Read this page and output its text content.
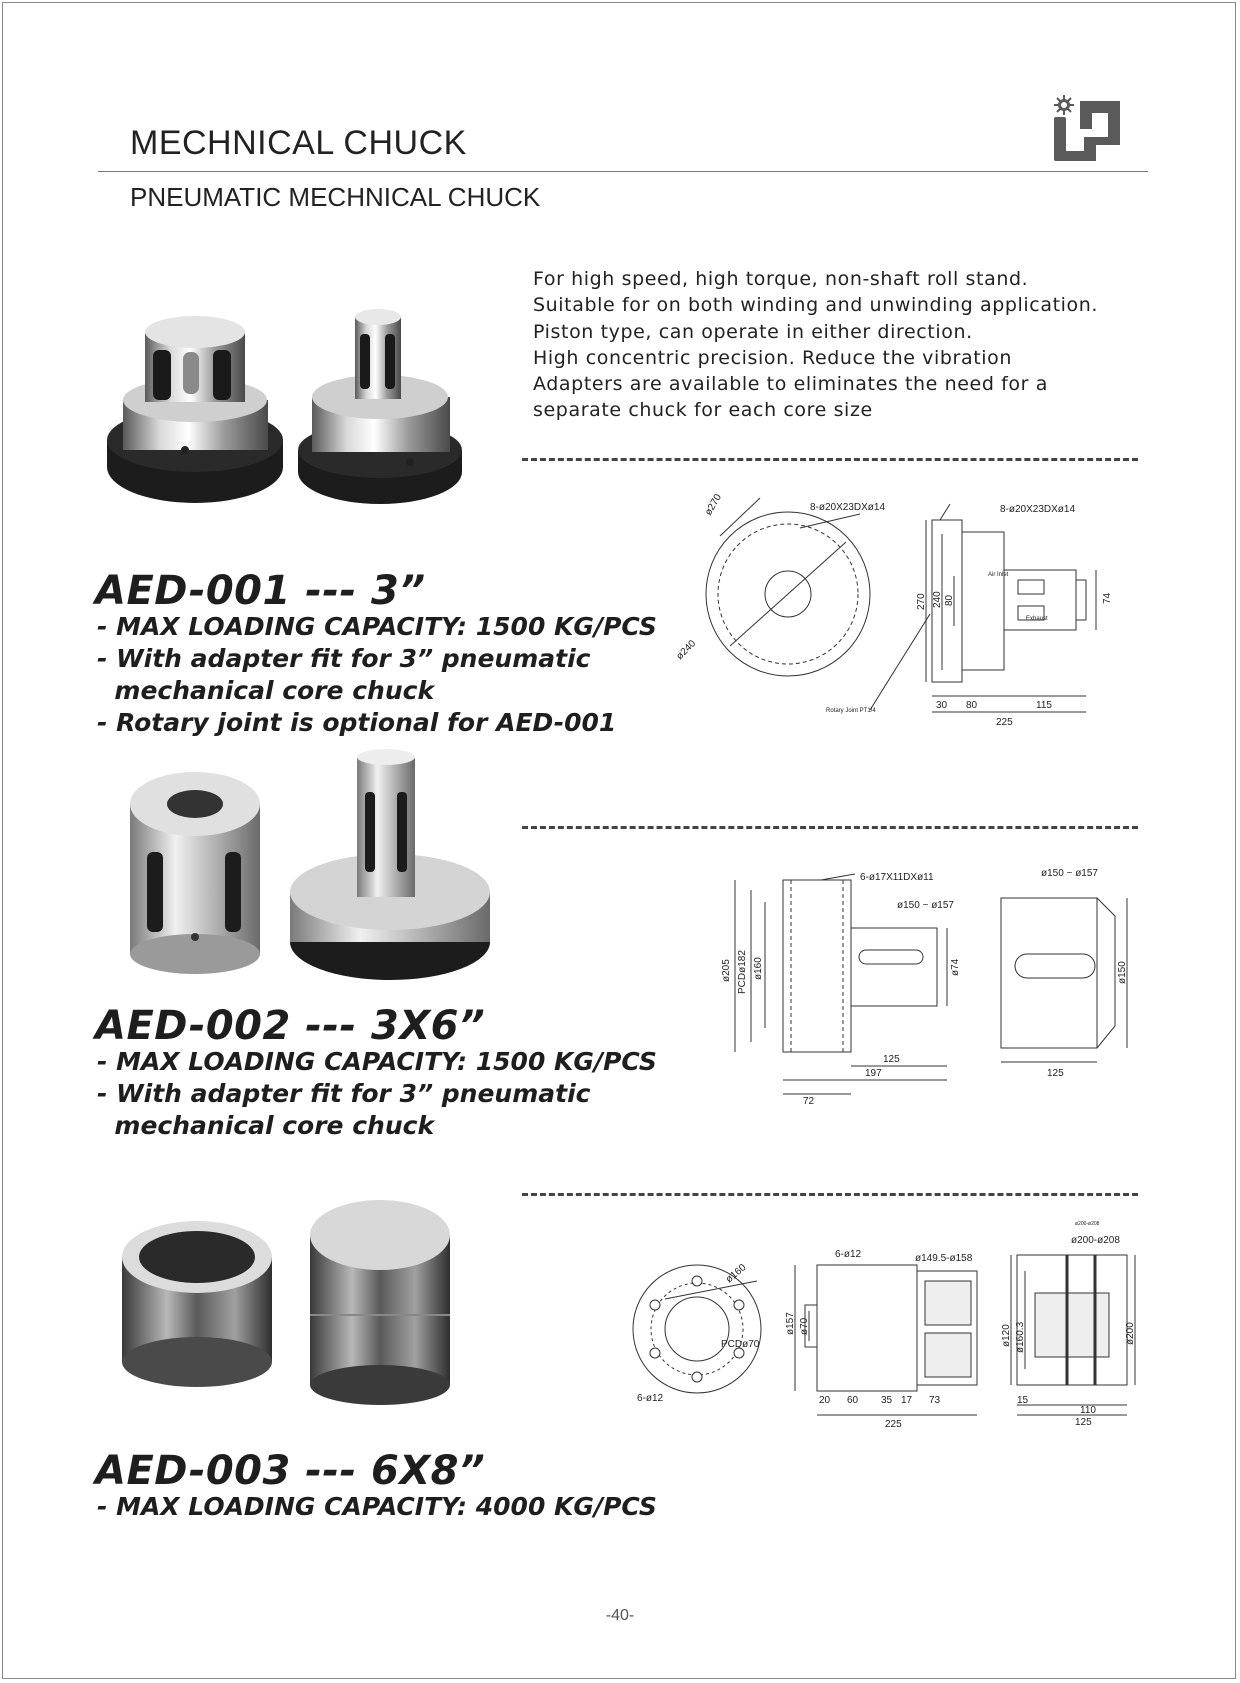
MECHNICAL CHUCK
PNEUMATIC MECHNICAL CHUCK
For high speed, high torque, non-shaft roll stand.
Suitable for on both winding and unwinding application.
Piston type, can operate in either direction.
High concentric precision. Reduce the vibration
Adapters are available to eliminates the need for a
separate chuck for each core size
8-ø20X23DXø14	8-ø20X23DXø14
ø270
ø240
270 240 80	74
Air Inlet
Exhaust
Rotary Joint PT1/4	30 80	115
225
AED-001 --- 3”
- MAX LOADING CAPACITY: 1500 KG/PCS
- With adapter fit for 3” pneumatic
mechanical core chuck
- Rotary joint is optional for AED-001
6-ø17X11DXø11
ø150 ~ ø157
ø150 ~ ø157
ø205 PCDø182 ø160	ø74	ø150
125
197
72
125
AED-002 --- 3X6”
- MAX LOADING CAPACITY: 1500 KG/PCS
- With adapter fit for 3” pneumatic
mechanical core chuck
6-ø12
ø160
PCDø70
6-ø12	ø149.5-ø158
ø157 ø70
20 60 35 17 73
225
ø200-ø208
ø200-ø208
ø120 ø160.3	ø200
15
110
125
AED-003 --- 6X8”
- MAX LOADING CAPACITY: 4000 KG/PCS
-40-
